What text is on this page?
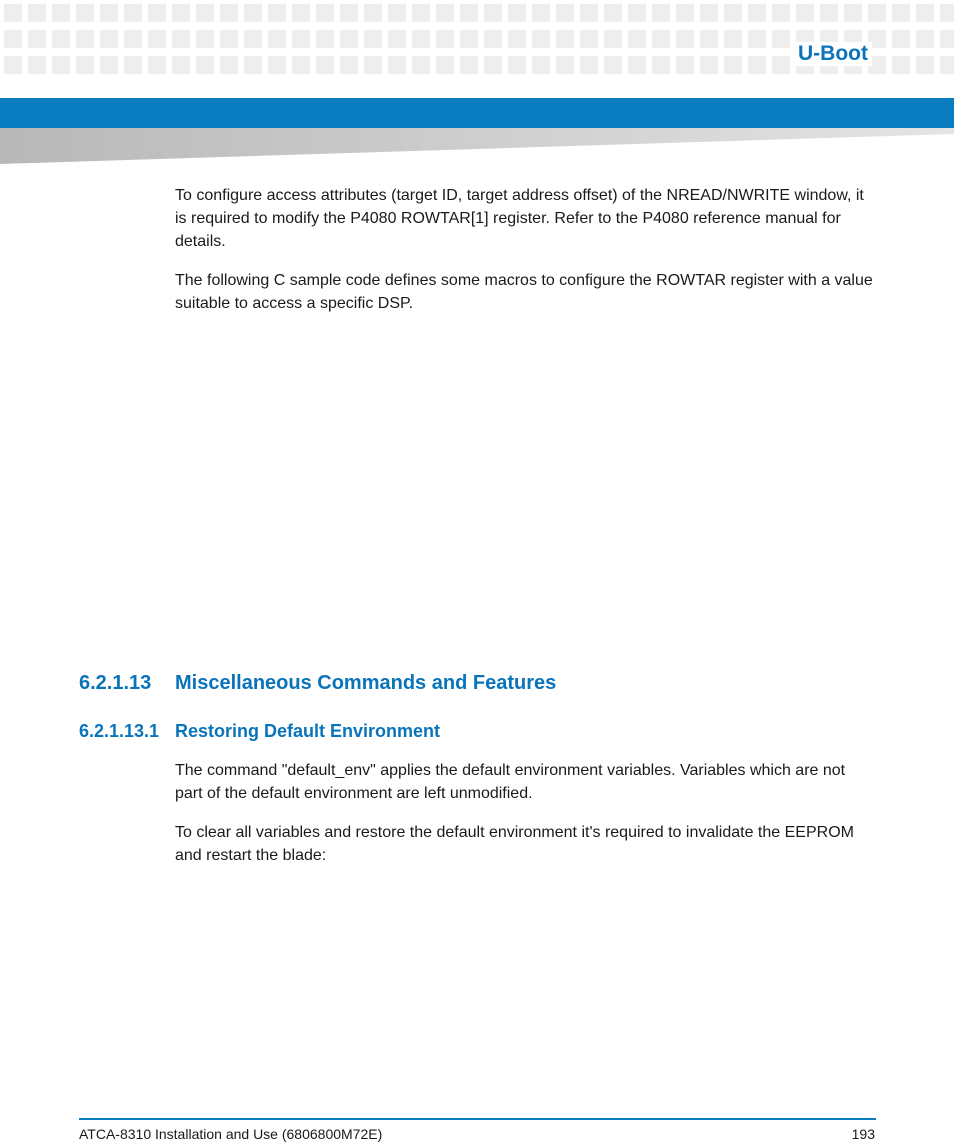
U-Boot
To configure access attributes (target ID, target address offset) of the NREAD/NWRITE window, it is required to modify the P4080 ROWTAR[1] register. Refer to the P4080 reference manual for details.
The following C sample code defines some macros to configure the ROWTAR register with a value suitable to access a specific DSP.
6.2.1.13 Miscellaneous Commands and Features
6.2.1.13.1 Restoring Default Environment
The command "default_env" applies the default environment variables. Variables which are not part of the default environment are left unmodified.
To clear all variables and restore the default environment it's required to invalidate the EEPROM and restart the blade:
ATCA-8310 Installation and Use (6806800M72E)	193
